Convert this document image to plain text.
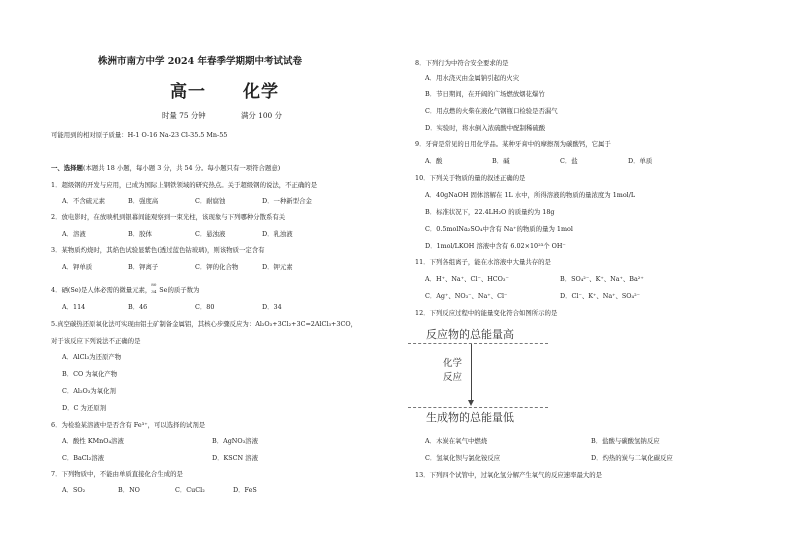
株洲市南方中学 2024 年春季学期期中考试试卷
高一 化学
时量 75 分钟	满分 100 分
可能用到的相对原子质量：H-1 O-16 Na-23 Cl-35.5 Mn-55
一、选择题(本题共 18 小题，每小题 3 分，共 54 分。每小题只有一项符合题意)
1．超级钢的开发与应用，已成为国际上钢铁领域的研究热点。关于超级钢的说法，不正确的是
A．不含硫元素	B．强度高	C．耐腐蚀	D．一种新型合金
2．放电影时，在放映机到银幕间能观察到一束光柱，该现象与下列哪种分散系有关
A．溶液	B．胶体	C．悬浊液	D．乳浊液
3．某物质灼烧时，其焰色试验显紫色(透过蓝色钴玻璃)，则该物质一定含有
A．钾单质	B．钾离子	C．钾的化合物	D．钾元素
4．硒(Se)是人体必需的微量元素，
80
34 Se的质子数为
A．114	B．46	C．80	D．34
5.真空碳热还原氧化法可实现由铝土矿制备金属铝，其核心步骤反应为：Al₂O₃+3Cl₂+3C=2AlCl₃+3CO，
对于该反应下列说法不正确的是
A．AlCl₃为还原产物
B．CO 为氧化产物
C．Al₂O₃为氧化剂
D．C 为还原剂
6．为检验某溶液中是否含有 Fe³⁺，可以选择的试剂是
A．酸性 KMnO₄溶液	B．AgNO₃溶液
C．BaCl₂溶液	D．KSCN 溶液
7．下列物质中，不能由单质直接化合生成的是
A．SO₂	B．NO	C．CuCl₂	D．FeS
8．下列行为中符合安全要求的是
A．用水浇灭由金属钠引起的火灾
B．节日期间，在开阔的广场燃放烟花爆竹
C．用点燃的火柴在液化气钢瓶口检验是否漏气
D．实验时，将水倒入浓硫酸中配制稀硫酸
9．牙膏是常见的日用化学品。某种牙膏中的摩擦剂为碳酸钙，它属于
A．酸	B．碱	C．盐	D．单质
10．下列关于物质的量的叙述正确的是
A．40gNaOH 固体溶解在 1L 水中，所得溶液的物质的量浓度为 1mol/L
B．标准状况下，22.4LH₂O 的质量约为 18g
C．0.5molNa₂SO₄中含有 Na⁺的物质的量为 1mol
D．1mol/LKOH 溶液中含有 6.02×10²³个 OH⁻
11．下列各组离子，能在水溶液中大量共存的是
A．H⁺、Na⁺、Cl⁻、HCO₃⁻	B．SO₄²⁻、K⁺、Na⁺、Ba²⁺
C．Ag⁺、NO₃⁻、Na⁺、Cl⁻	D．Cl⁻、K⁺、Na⁺、SO₄²⁻
12．下列反应过程中的能量变化符合如图所示的是
反应物的总能量高
化学
反应
生成物的总能量低
A．木炭在氧气中燃烧	B．盐酸与碳酸氢钠反应
C．氢氧化钡与氯化铵反应	D．灼热的炭与二氧化碳反应
13．下列四个试管中，过氧化氢分解产生氧气的反应速率最大的是
